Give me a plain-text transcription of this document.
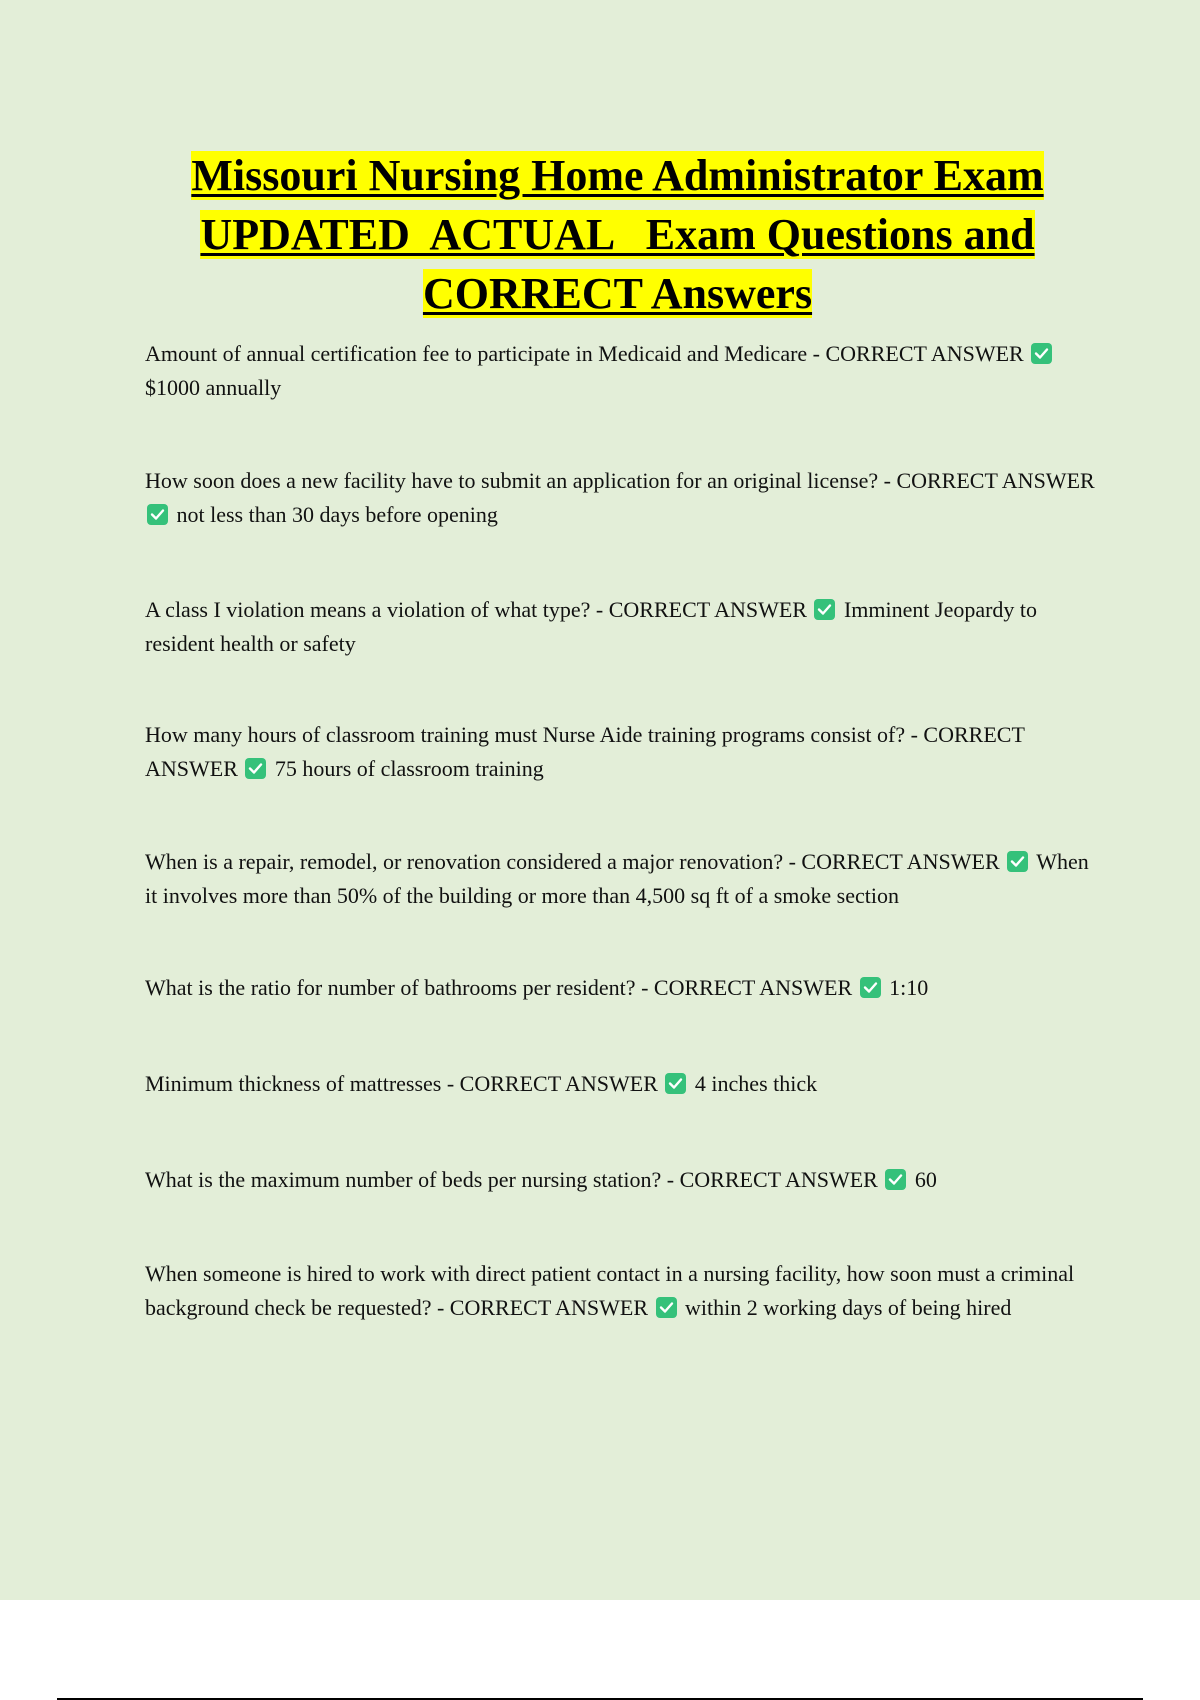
Missouri Nursing Home Administrator Exam
UPDATED  ACTUAL   Exam Questions and
CORRECT Answers

Amount of annual certification fee to participate in Medicaid and Medicare - CORRECT ANSWER
$1000 annually

How soon does a new facility have to submit an application for an original license? - CORRECT ANSWER
not less than 30 days before opening

A class I violation means a violation of what type? - CORRECT ANSWER Imminent Jeopardy to resident health or safety

How many hours of classroom training must Nurse Aide training programs consist of? - CORRECT ANSWER 75 hours of classroom training

When is a repair, remodel, or renovation considered a major renovation? - CORRECT ANSWER When it involves more than 50% of the building or more than 4,500 sq ft of a smoke section

What is the ratio for number of bathrooms per resident? - CORRECT ANSWER 1:10

Minimum thickness of mattresses - CORRECT ANSWER 4 inches thick

What is the maximum number of beds per nursing station? - CORRECT ANSWER 60

When someone is hired to work with direct patient contact in a nursing facility, how soon must a criminal background check be requested? - CORRECT ANSWER within 2 working days of being hired
